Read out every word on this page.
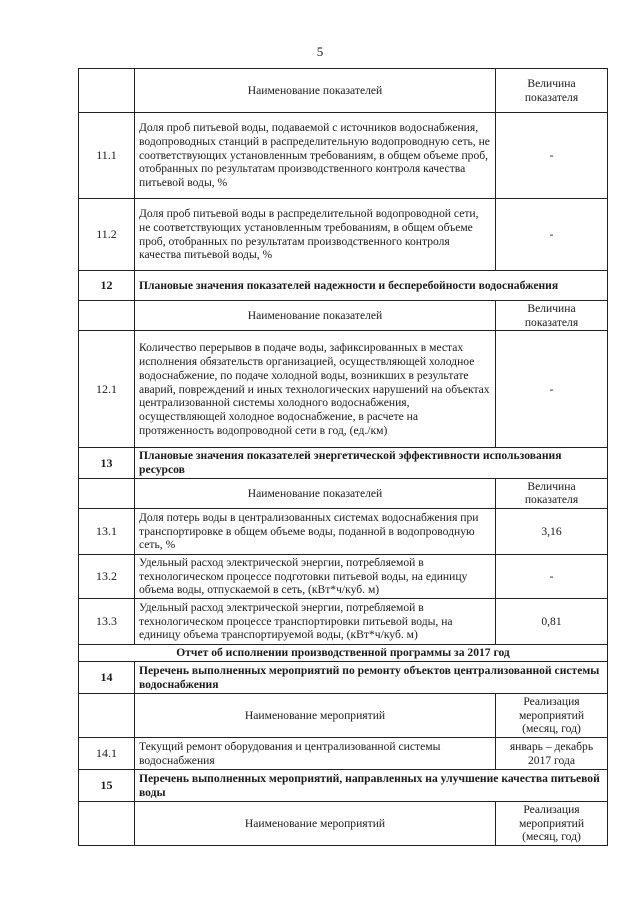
5
	Наименование показателей	Величина показателя
11.1	Доля проб питьевой воды, подаваемой с источников водоснабжения, водопроводных станций в распределительную водопроводную сеть, не соответствующих установленным требованиям, в общем объеме проб, отобранных по результатам производственного контроля качества питьевой воды, %	-
11.2	Доля проб питьевой воды в распределительной водопроводной сети, не соответствующих установленным требованиям, в общем объеме проб, отобранных по результатам производственного контроля качества питьевой воды, %	-
12	Плановые значения показателей надежности и бесперебойности водоснабжения	
	Наименование показателей	Величина показателя
12.1	Количество перерывов в подаче воды, зафиксированных в местах исполнения обязательств организацией, осуществляющей холодное водоснабжение, по подаче холодной воды, возникших в результате аварий, повреждений и иных технологических нарушений на объектах централизованной системы холодного водоснабжения, осуществляющей холодное водоснабжение, в расчете на протяженность водопроводной сети в год, (ед./км)	-
13	Плановые значения показателей энергетической эффективности использования ресурсов	
	Наименование показателей	Величина показателя
13.1	Доля потерь воды в централизованных системах водоснабжения при транспортировке в общем объеме воды, поданной в водопроводную сеть, %	3,16
13.2	Удельный расход электрической энергии, потребляемой в технологическом процессе подготовки питьевой воды, на единицу объема воды, отпускаемой в сеть, (кВт*ч/куб. м)	-
13.3	Удельный расход электрической энергии, потребляемой в технологическом процессе транспортировки питьевой воды, на единицу объема транспортируемой воды, (кВт*ч/куб. м)	0,81
Отчет об исполнении производственной программы за 2017 год		
14	Перечень выполненных мероприятий по ремонту объектов централизованной системы водоснабжения	
	Наименование мероприятий	Реализация мероприятий (месяц, год)
14.1	Текущий ремонт оборудования и централизованной системы водоснабжения	январь – декабрь 2017 года
15	Перечень выполненных мероприятий, направленных на улучшение качества питьевой воды	
	Наименование мероприятий	Реализация мероприятий (месяц, год)
